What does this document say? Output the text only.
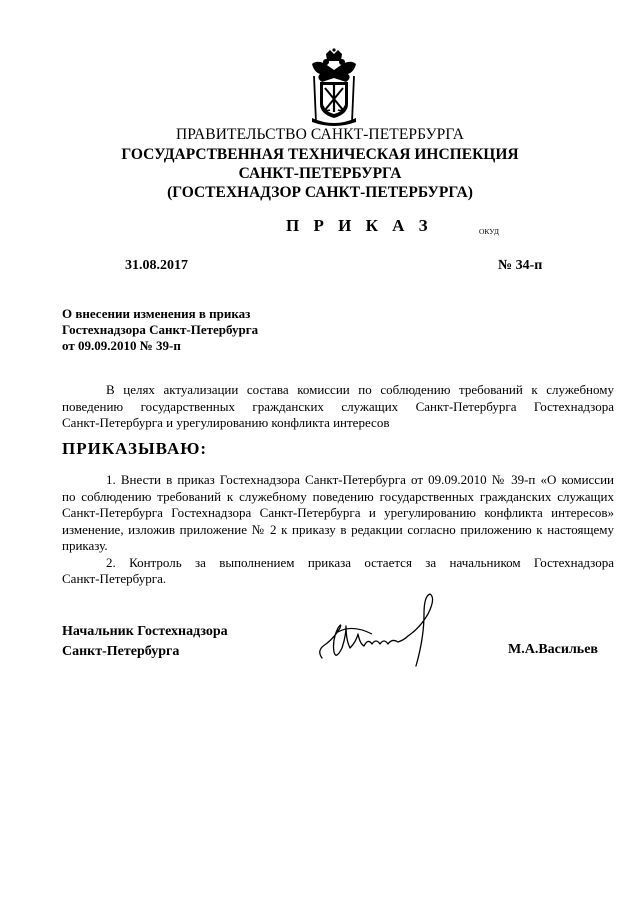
ПРАВИТЕЛЬСТВО САНКТ-ПЕТЕРБУРГА
ГОСУДАРСТВЕННАЯ ТЕХНИЧЕСКАЯ ИНСПЕКЦИЯ
САНКТ-ПЕТЕРБУРГА
(ГОСТЕХНАДЗОР САНКТ-ПЕТЕРБУРГА)
П Р И К А З	ОКУД
31.08.2017	№ 34-п
О внесении изменения в приказ
Гостехнадзора Санкт-Петербурга
от 09.09.2010 № 39-п
В целях актуализации состава комиссии по соблюдению требований к служебному
поведению государственных гражданских служащих Санкт-Петербурга Гостехнадзора
Санкт-Петербурга и урегулированию конфликта интересов
ПРИКАЗЫВАЮ:
1. Внести в приказ Гостехнадзора Санкт-Петербурга от 09.09.2010 № 39-п «О комиссии
по соблюдению требований к служебному поведению государственных гражданских служащих
Санкт-Петербурга Гостехнадзора Санкт-Петербурга и урегулированию конфликта интересов»
изменение, изложив приложение № 2 к приказу в редакции согласно приложению к настоящему
приказу.
2. Контроль за выполнением приказа остается за начальником Гостехнадзора
Санкт-Петербурга.
Начальник Гостехнадзора
Санкт-Петербурга	М.А.Васильев
